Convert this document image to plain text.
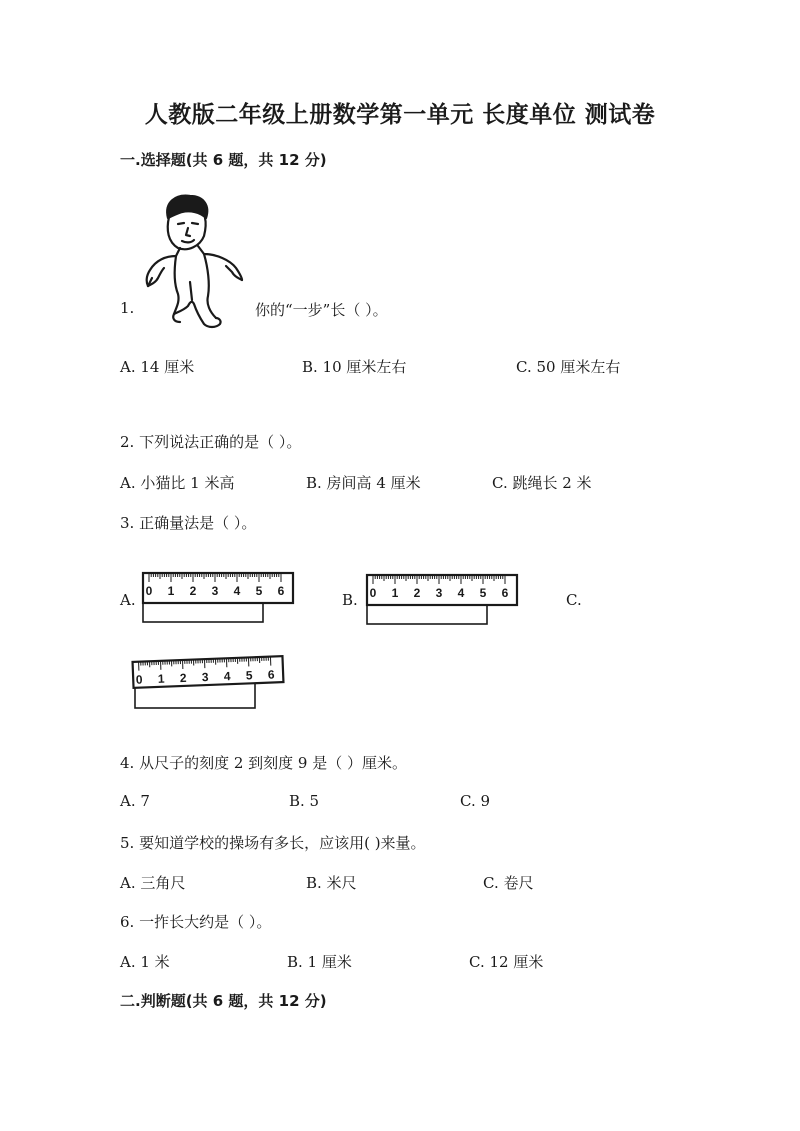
人教版二年级上册数学第一单元 长度单位 测试卷
一.选择题(共 6 题，共 12 分)
1.	你的“一步”长（ ）。
A. 14 厘米	B. 10 厘米左右	C. 50 厘米左右
2. 下列说法正确的是（ ）。
A. 小猫比 1 米高	B. 房间高 4 厘米	C. 跳绳长 2 米
3. 正确量法是（ ）。
A.	B.	C.
0 1 2 3 4 5 6	0 1 2 3 4 5 6
0 1 2 3 4 5 6
4. 从尺子的刻度 2 到刻度 9 是（ ）厘米。
A. 7	B. 5	C. 9
5. 要知道学校的操场有多长，应该用( )来量。
A. 三角尺	B. 米尺	C. 卷尺
6. 一拃长大约是（ ）。
A. 1 米	B. 1 厘米	C. 12 厘米
二.判断题(共 6 题，共 12 分)
